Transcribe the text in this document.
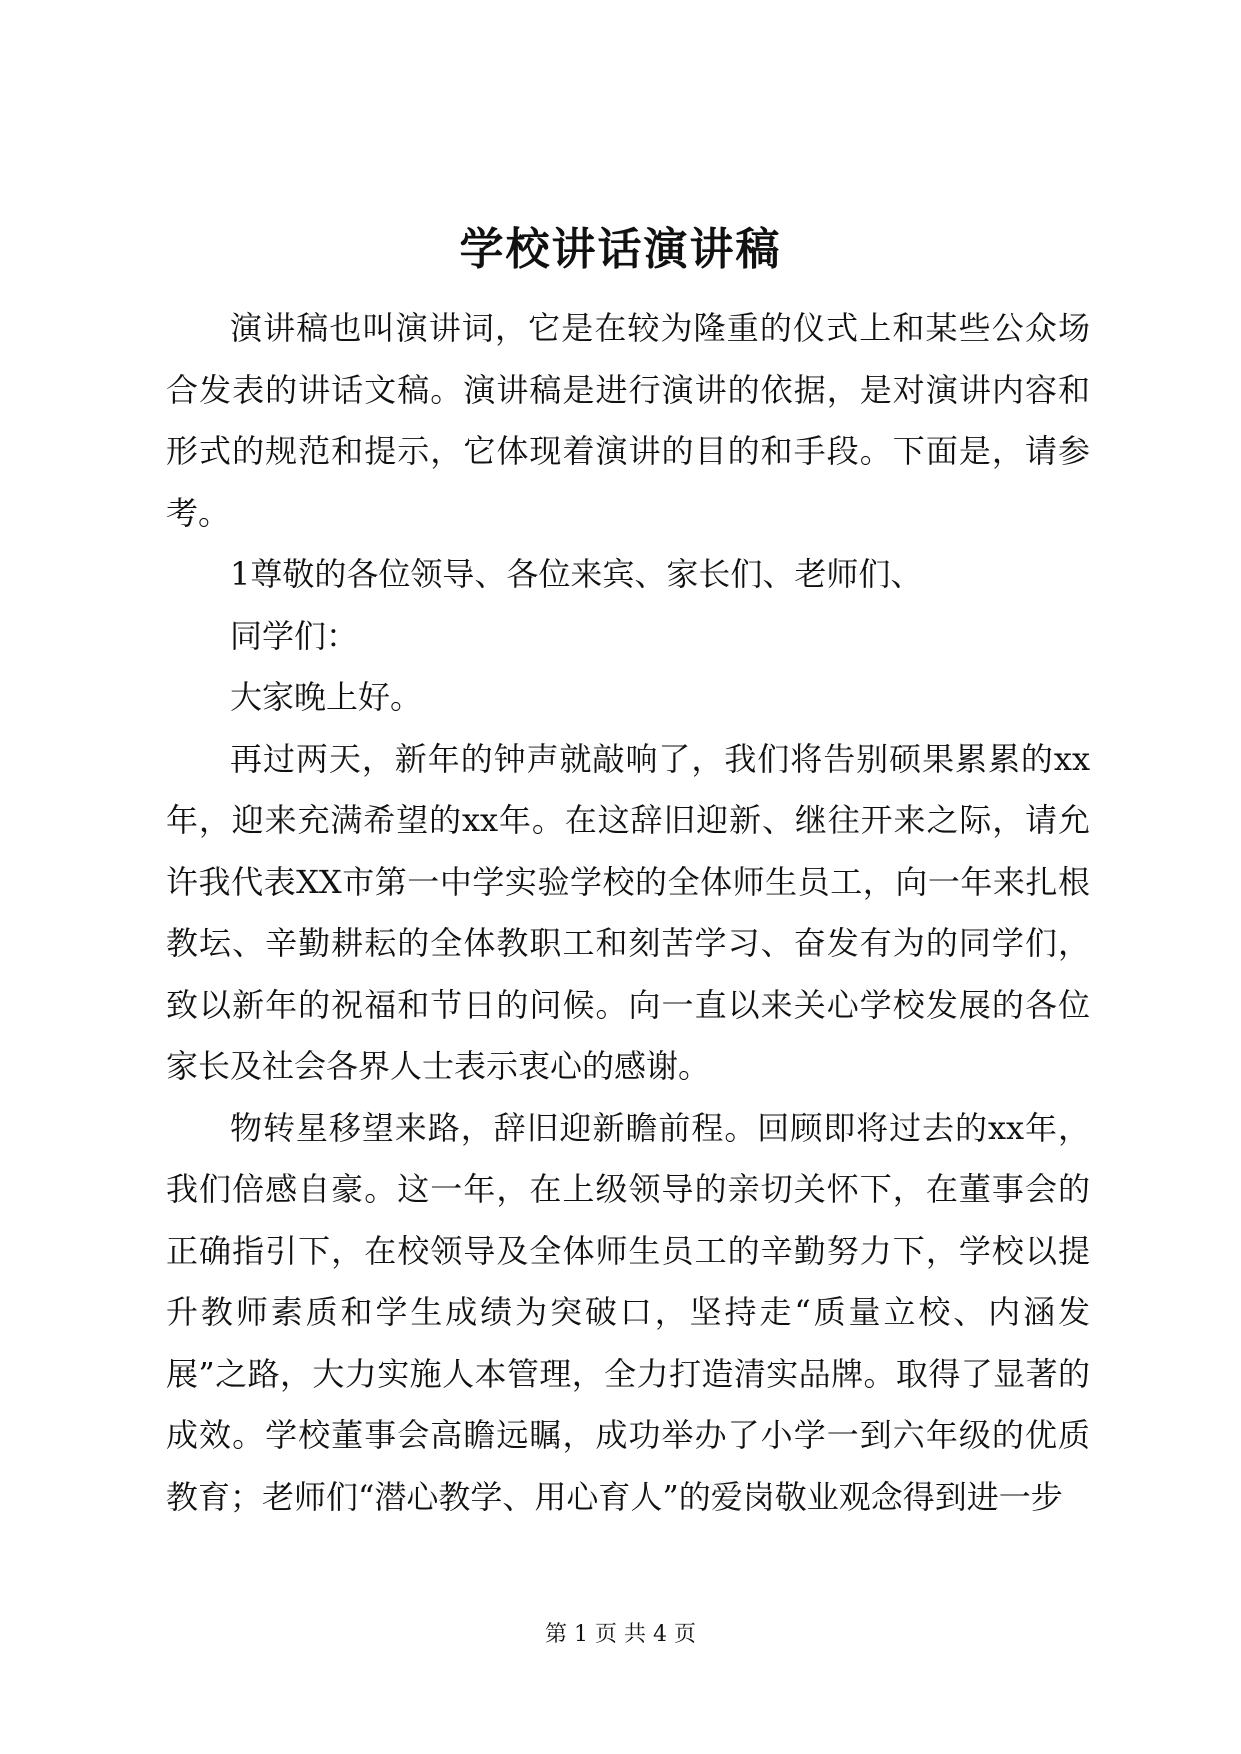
学校讲话演讲稿

演讲稿也叫演讲词，它是在较为隆重的仪式上和某些公众场合发表的讲话文稿。演讲稿是进行演讲的依据，是对演讲内容和形式的规范和提示，它体现着演讲的目的和手段。下面是，请参考。

1尊敬的各位领导、各位来宾、家长们、老师们、

同学们：

大家晚上好。

再过两天，新年的钟声就敲响了，我们将告别硕果累累的xx年，迎来充满希望的xx年。在这辞旧迎新、继往开来之际，请允许我代表XX市第一中学实验学校的全体师生员工，向一年来扎根教坛、辛勤耕耘的全体教职工和刻苦学习、奋发有为的同学们，致以新年的祝福和节日的问候。向一直以来关心学校发展的各位家长及社会各界人士表示衷心的感谢。

物转星移望来路，辞旧迎新瞻前程。回顾即将过去的xx年，我们倍感自豪。这一年，在上级领导的亲切关怀下，在董事会的正确指引下，在校领导及全体师生员工的辛勤努力下，学校以提升教师素质和学生成绩为突破口，坚持走“质量立校、内涵发展”之路，大力实施人本管理，全力打造清实品牌。取得了显著的成效。学校董事会高瞻远瞩，成功举办了小学一到六年级的优质教育；老师们“潜心教学、用心育人”的爱岗敬业观念得到进一步

第 1 页 共 4 页
